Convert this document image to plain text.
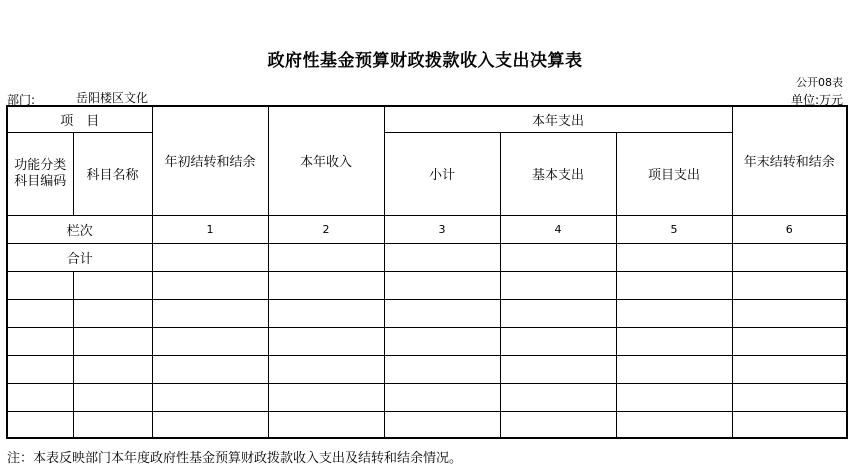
政府性基金预算财政拨款收入支出决算表
公开08表
部门:	岳阳楼区文化	单位:万元
项　目		年初结转和结余	本年收入	本年支出			年末结转和结余
功能分类科目编码	科目名称			小计	基本支出	项目支出	

栏次		1	2	3	4	5	6
合计							

注：本表反映部门本年度政府性基金预算财政拨款收入支出及结转和结余情况。
